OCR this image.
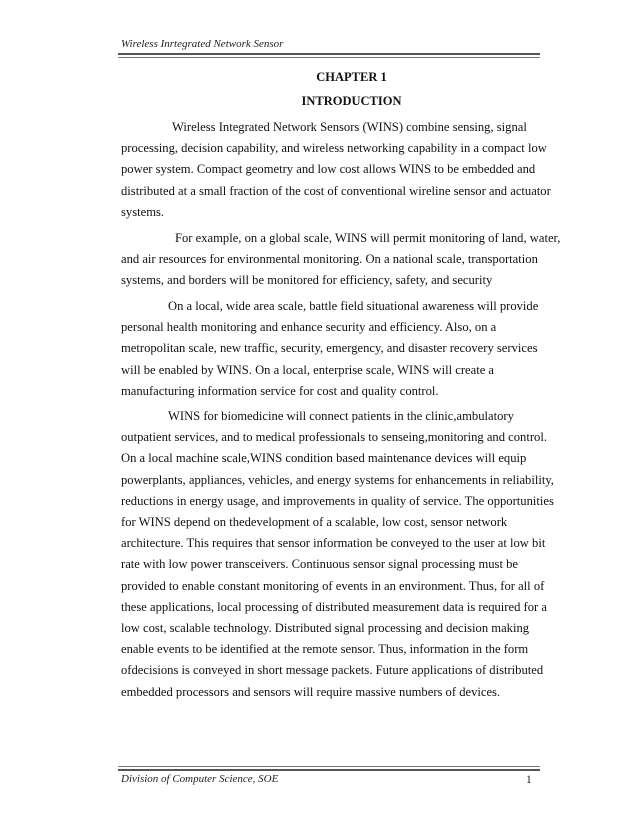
Wireless Inrtegrated Network Sensor
CHAPTER 1
INTRODUCTION
Wireless Integrated Network Sensors (WINS) combine sensing, signal
processing, decision capability, and wireless networking capability in a compact low
power system. Compact geometry and low cost allows WINS to be embedded and
distributed at a small fraction of the cost of conventional wireline sensor and actuator
systems.
For example, on a global scale, WINS will permit monitoring of land, water,
and air resources for environmental monitoring. On a national scale, transportation
systems, and borders will be monitored for efficiency, safety, and security
On a local, wide area scale, battle field situational awareness will provide
personal health monitoring and enhance security and efficiency. Also, on a
metropolitan scale, new traffic, security, emergency, and disaster recovery services
will be enabled by WINS. On a local, enterprise scale, WINS will create a
manufacturing information service for cost and quality control.
WINS for biomedicine will connect patients in the clinic,ambulatory
outpatient services, and to medical professionals to senseing,monitoring and control.
On a local machine scale,WINS condition based maintenance devices will equip
powerplants, appliances, vehicles, and energy systems for enhancements in reliability,
reductions in energy usage, and improvements in quality of service. The opportunities
for WINS depend on thedevelopment of a scalable, low cost, sensor network
architecture. This requires that sensor information be conveyed to the user at low bit
rate with low power transceivers. Continuous sensor signal processing must be
provided to enable constant monitoring of events in an environment. Thus, for all of
these applications, local processing of distributed measurement data is required for a
low cost, scalable technology. Distributed signal processing and decision making
enable events to be identified at the remote sensor. Thus, information in the form
ofdecisions is conveyed in short message packets. Future applications of distributed
embedded processors and sensors will require massive numbers of devices.
Division of Computer Science, SOE	1
